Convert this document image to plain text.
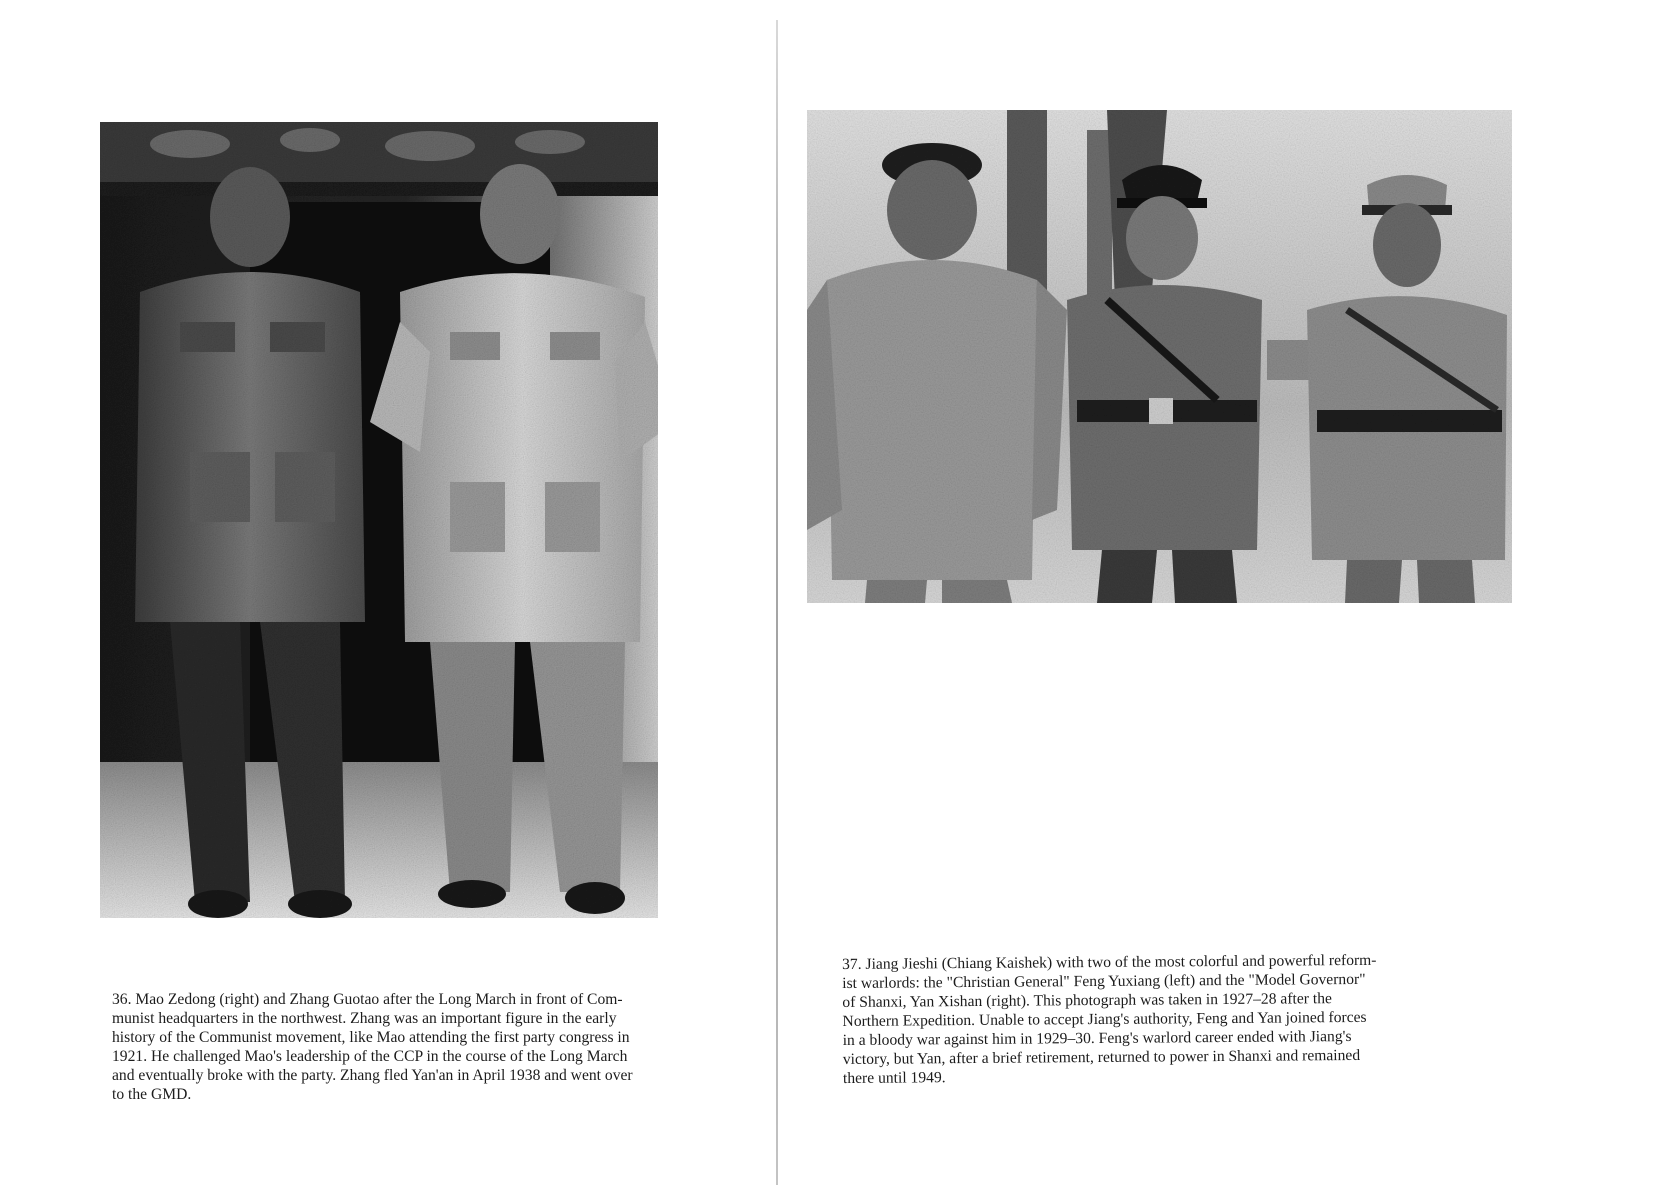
36. Mao Zedong (right) and Zhang Guotao after the Long March in front of Com-
munist headquarters in the northwest. Zhang was an important figure in the early
history of the Communist movement, like Mao attending the first party congress in
1921. He challenged Mao's leadership of the CCP in the course of the Long March
and eventually broke with the party. Zhang fled Yan'an in April 1938 and went over
to the GMD.

37. Jiang Jieshi (Chiang Kaishek) with two of the most colorful and powerful reform-
ist warlords: the "Christian General" Feng Yuxiang (left) and the "Model Governor"
of Shanxi, Yan Xishan (right). This photograph was taken in 1927–28 after the
Northern Expedition. Unable to accept Jiang's authority, Feng and Yan joined forces
in a bloody war against him in 1929–30. Feng's warlord career ended with Jiang's
victory, but Yan, after a brief retirement, returned to power in Shanxi and remained
there until 1949.
